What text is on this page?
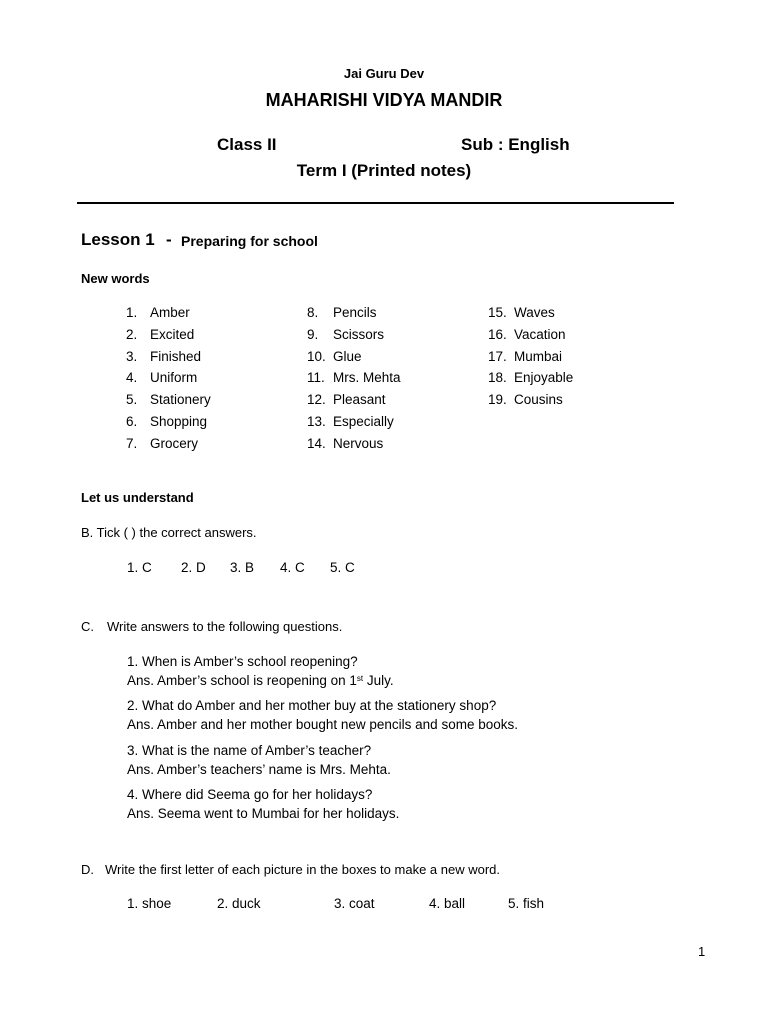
Jai Guru Dev
MAHARISHI VIDYA MANDIR
Class II	Sub : English
Term I (Printed notes)
Lesson 1 - Preparing for school
New words
1. Amber
2. Excited
3. Finished
4. Uniform
5. Stationery
6. Shopping
7. Grocery
8. Pencils
9. Scissors
10. Glue
11. Mrs. Mehta
12. Pleasant
13. Especially
14. Nervous
15. Waves
16. Vacation
17. Mumbai
18. Enjoyable
19. Cousins
Let us understand
B. Tick ( ) the correct answers.
1. C 2. D 3. B 4. C 5. C
C. Write answers to the following questions.
1. When is Amber’s school reopening?
Ans. Amber’s school is reopening on 1st July.
2. What do Amber and her mother buy at the stationery shop?
Ans. Amber and her mother bought new pencils and some books.
3. What is the name of Amber’s teacher?
Ans. Amber’s teachers’ name is Mrs. Mehta.
4. Where did Seema go for her holidays?
Ans. Seema went to Mumbai for her holidays.
D. Write the first letter of each picture in the boxes to make a new word.
1. shoe	2. duck	3. coat	4. ball	5. fish
1
